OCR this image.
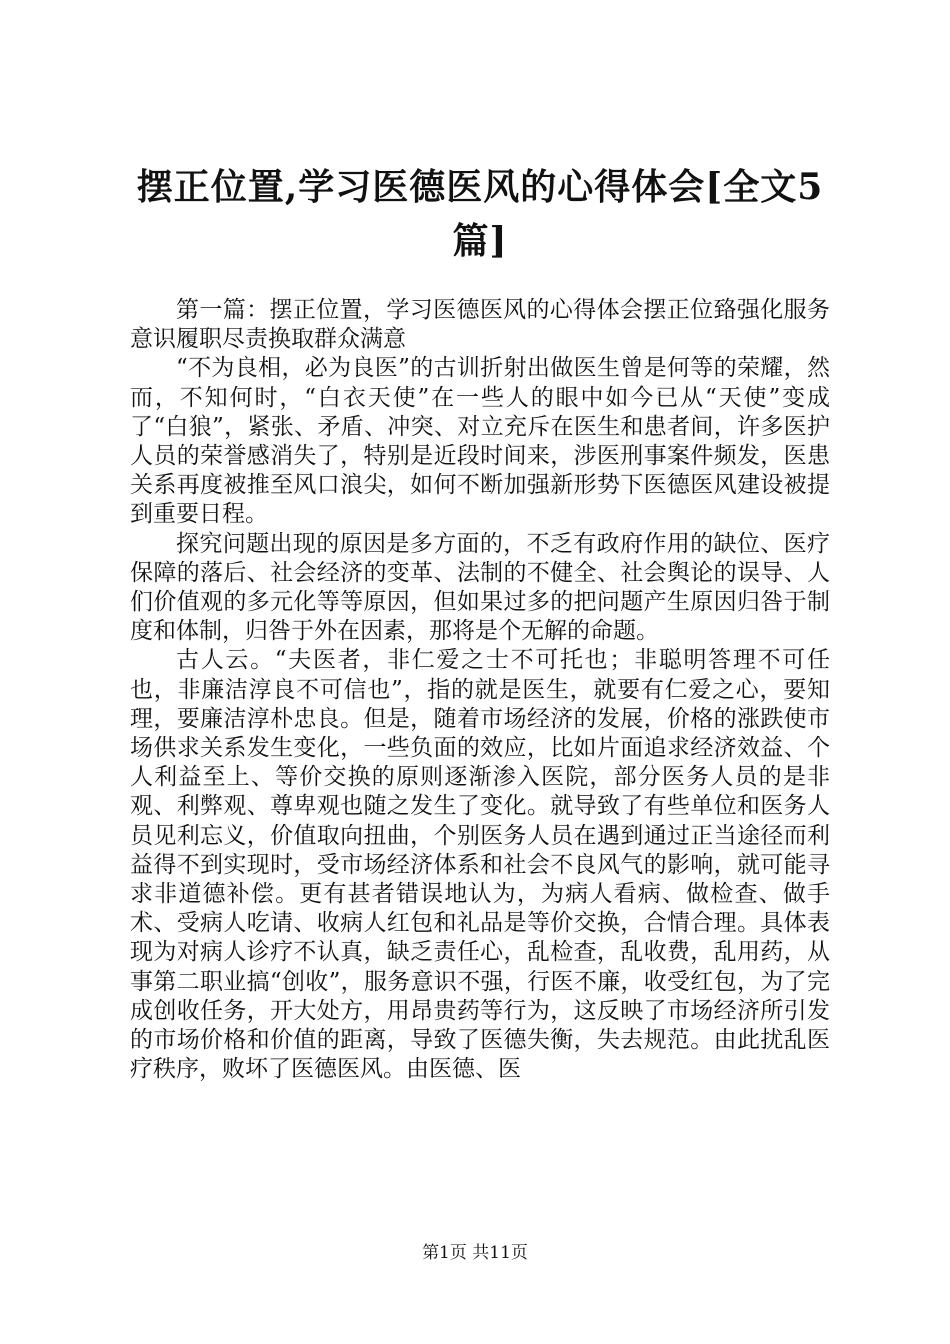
摆正位置,学习医德医风的心得体会[全文5篇]

第一篇：摆正位置，学习医德医风的心得体会摆正位臵强化服务意识履职尽责换取群众满意

“不为良相，必为良医”的古训折射出做医生曾是何等的荣耀，然而，不知何时，“白衣天使”在一些人的眼中如今已从“天使”变成了“白狼”，紧张、矛盾、冲突、对立充斥在医生和患者间，许多医护人员的荣誉感消失了，特别是近段时间来，涉医刑事案件频发，医患关系再度被推至风口浪尖，如何不断加强新形势下医德医风建设被提到重要日程。

探究问题出现的原因是多方面的，不乏有政府作用的缺位、医疗保障的落后、社会经济的变革、法制的不健全、社会舆论的误导、人们价值观的多元化等等原因，但如果过多的把问题产生原因归咎于制度和体制，归咎于外在因素，那将是个无解的命题。

古人云。“夫医者，非仁爱之士不可托也；非聪明答理不可任也，非廉洁淳良不可信也”，指的就是医生，就要有仁爱之心，要知理，要廉洁淳朴忠良。但是，随着市场经济的发展，价格的涨跌使市场供求关系发生变化，一些负面的效应，比如片面追求经济效益、个人利益至上、等价交换的原则逐渐渗入医院，部分医务人员的是非观、利弊观、尊卑观也随之发生了变化。就导致了有些单位和医务人员见利忘义，价值取向扭曲，个别医务人员在遇到通过正当途径而利益得不到实现时，受市场经济体系和社会不良风气的影响，就可能寻求非道德补偿。更有甚者错误地认为，为病人看病、做检查、做手术、受病人吃请、收病人红包和礼品是等价交换，合情合理。具体表现为对病人诊疗不认真，缺乏责任心，乱检查，乱收费，乱用药，从事第二职业搞“创收”，服务意识不强，行医不廉，收受红包，为了完成创收任务，开大处方，用昂贵药等行为，这反映了市场经济所引发的市场价格和价值的距离，导致了医德失衡，失去规范。由此扰乱医疗秩序，败坏了医德医风。由医德、医

第1页 共11页
